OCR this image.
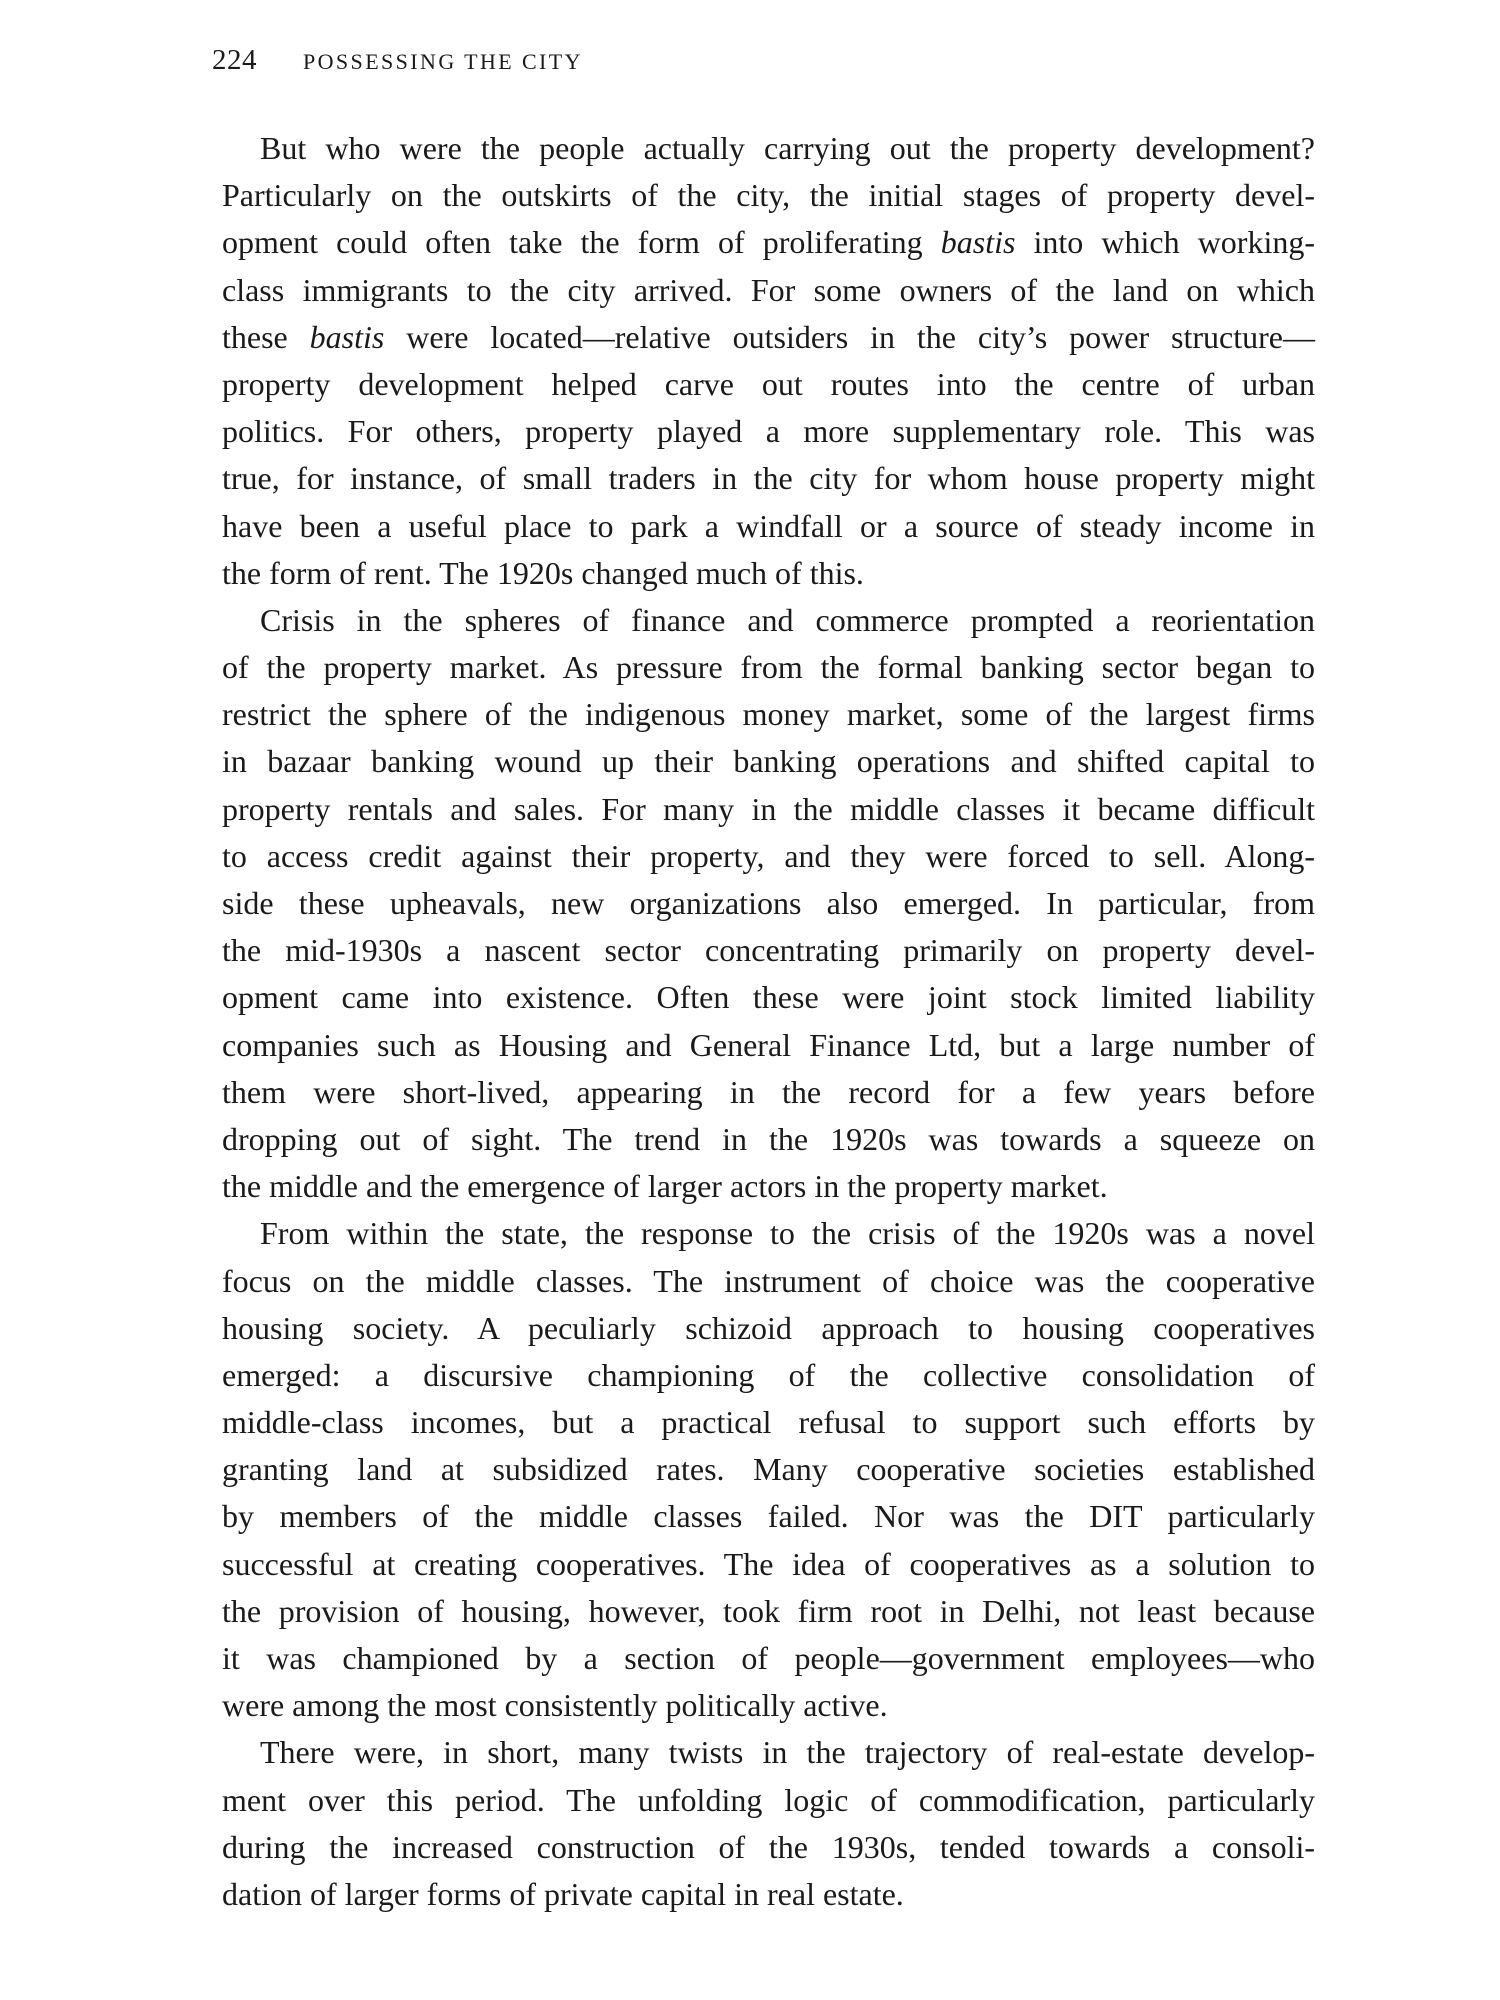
224 POSSESSING THE CITY
But who were the people actually carrying out the property development?
Particularly on the outskirts of the city, the initial stages of property devel-
opment could often take the form of proliferating bastis into which working-
class immigrants to the city arrived. For some owners of the land on which
these bastis were located—relative outsiders in the city’s power structure—
property development helped carve out routes into the centre of urban
politics. For others, property played a more supplementary role. This was
true, for instance, of small traders in the city for whom house property might
have been a useful place to park a windfall or a source of steady income in
the form of rent. The 1920s changed much of this.
Crisis in the spheres of finance and commerce prompted a reorientation
of the property market. As pressure from the formal banking sector began to
restrict the sphere of the indigenous money market, some of the largest firms
in bazaar banking wound up their banking operations and shifted capital to
property rentals and sales. For many in the middle classes it became difficult
to access credit against their property, and they were forced to sell. Along-
side these upheavals, new organizations also emerged. In particular, from
the mid-1930s a nascent sector concentrating primarily on property devel-
opment came into existence. Often these were joint stock limited liability
companies such as Housing and General Finance Ltd, but a large number of
them were short-lived, appearing in the record for a few years before
dropping out of sight. The trend in the 1920s was towards a squeeze on
the middle and the emergence of larger actors in the property market.
From within the state, the response to the crisis of the 1920s was a novel
focus on the middle classes. The instrument of choice was the cooperative
housing society. A peculiarly schizoid approach to housing cooperatives
emerged: a discursive championing of the collective consolidation of
middle-class incomes, but a practical refusal to support such efforts by
granting land at subsidized rates. Many cooperative societies established
by members of the middle classes failed. Nor was the DIT particularly
successful at creating cooperatives. The idea of cooperatives as a solution to
the provision of housing, however, took firm root in Delhi, not least because
it was championed by a section of people—government employees—who
were among the most consistently politically active.
There were, in short, many twists in the trajectory of real-estate develop-
ment over this period. The unfolding logic of commodification, particularly
during the increased construction of the 1930s, tended towards a consoli-
dation of larger forms of private capital in real estate.
